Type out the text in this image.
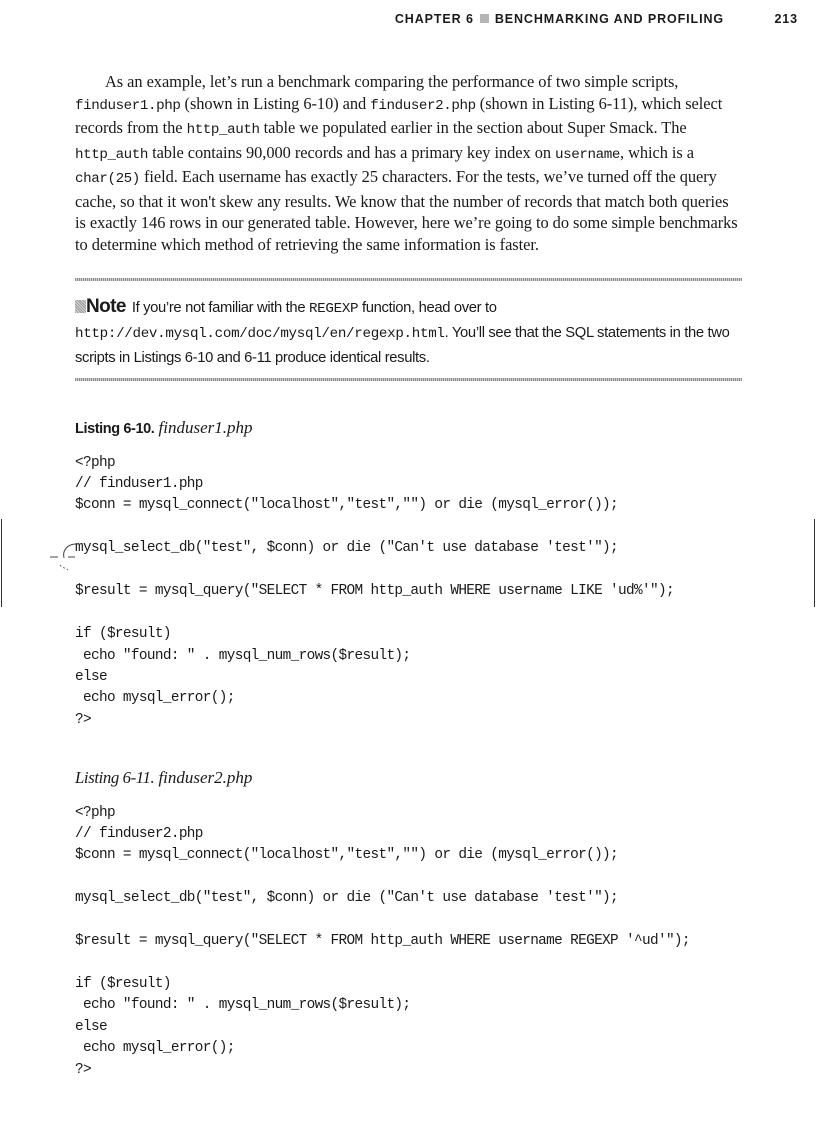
CHAPTER 6 BENCHMARKING AND PROFILING	213

As an example, let’s run a benchmark comparing the performance of two simple scripts, finduser1.php (shown in Listing 6-10) and finduser2.php (shown in Listing 6-11), which select records from the http_auth table we populated earlier in the section about Super Smack. The http_auth table contains 90,000 records and has a primary key index on username, which is a char(25) field. Each username has exactly 25 characters. For the tests, we’ve turned off the query cache, so that it won't skew any results. We know that the number of records that match both queries is exactly 146 rows in our generated table. However, here we’re going to do some simple benchmarks to determine which method of retrieving the same information is faster.

Note If you’re not familiar with the REGEXP function, head over to http://dev.mysql.com/doc/mysql/en/regexp.html. You’ll see that the SQL statements in the two scripts in Listings 6-10 and 6-11 produce identical results.
Listing 6-10. finduser1.php
<?php
// finduser1.php
$conn = mysql_connect("localhost","test","") or die (mysql_error());
mysql_select_db("test", $conn) or die ("Can't use database 'test'");
$result = mysql_query("SELECT * FROM http_auth WHERE username LIKE 'ud%'");
if ($result)
echo "found: " . mysql_num_rows($result);
else
echo mysql_error();
?>
Listing 6-11. finduser2.php
<?php
// finduser2.php
$conn = mysql_connect("localhost","test","") or die (mysql_error());
mysql_select_db("test", $conn) or die ("Can't use database 'test'");
$result = mysql_query("SELECT * FROM http_auth WHERE username REGEXP '^ud'");
if ($result)
echo "found: " . mysql_num_rows($result);
else
echo mysql_error();
?>
